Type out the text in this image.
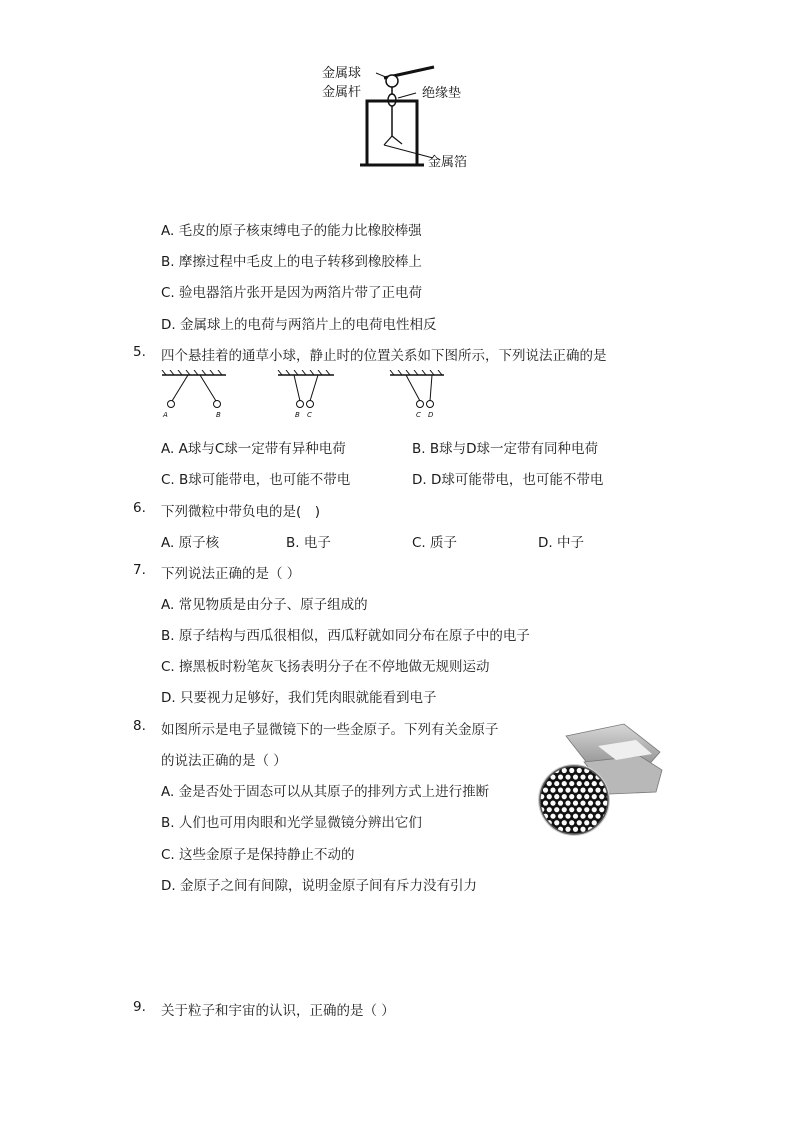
金属球
金属杆	绝缘垫
金属箔
A. 毛皮的原子核束缚电子的能力比橡胶棒强
B. 摩擦过程中毛皮上的电子转移到橡胶棒上
C. 验电器箔片张开是因为两箔片带了正电荷
D. 金属球上的电荷与两箔片上的电荷电性相反
5. 四个悬挂着的通草小球，静止时的位置关系如下图所示，下列说法正确的是
A	B	B C	C D
A. A球与C球一定带有异种电荷	B. B球与D球一定带有同种电荷
C. B球可能带电，也可能不带电	D. D球可能带电，也可能不带电
6. 下列微粒中带负电的是(　)
A. 原子核	B. 电子	C. 质子	D. 中子
7. 下列说法正确的是（ ）
A. 常见物质是由分子、原子组成的
B. 原子结构与西瓜很相似，西瓜籽就如同分布在原子中的电子
C. 擦黑板时粉笔灰飞扬表明分子在不停地做无规则运动
D. 只要视力足够好，我们凭肉眼就能看到电子
8. 如图所示是电子显微镜下的一些金原子。下列有关金原子
的说法正确的是（ ）
A. 金是否处于固态可以从其原子的排列方式上进行推断
B. 人们也可用肉眼和光学显微镜分辨出它们
C. 这些金原子是保持静止不动的
D. 金原子之间有间隙，说明金原子间有斥力没有引力
9. 关于粒子和宇宙的认识，正确的是（ ）
